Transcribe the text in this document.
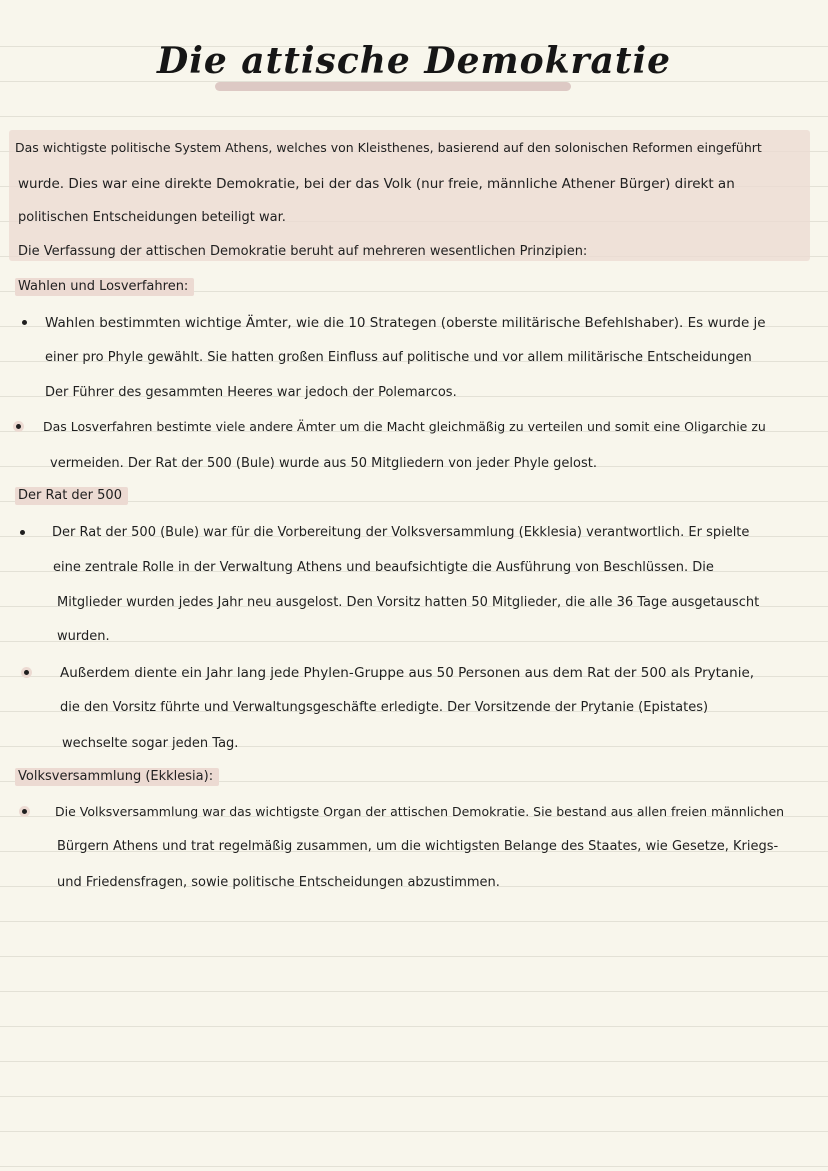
Die attische Demokratie
Das wichtigste politische System Athens, welches von Kleisthenes, basierend auf den solonischen Reformen eingeführt
wurde. Dies war eine direkte Demokratie, bei der das Volk (nur freie, männliche Athener Bürger) direkt an
politischen Entscheidungen beteiligt war.
Die Verfassung der attischen Demokratie beruht auf mehreren wesentlichen Prinzipien:
Wahlen und Losverfahren:
Wahlen bestimmten wichtige Ämter, wie die 10 Strategen (oberste militärische Befehlshaber). Es wurde je
einer pro Phyle gewählt. Sie hatten großen Einfluss auf politische und vor allem militärische Entscheidungen
Der Führer des gesammten Heeres war jedoch der Polemarcos.
Das Losverfahren bestimte viele andere Ämter um die Macht gleichmäßig zu verteilen und somit eine Oligarchie zu
vermeiden. Der Rat der 500 (Bule) wurde aus 50 Mitgliedern von jeder Phyle gelost.
Der Rat der 500
Der Rat der 500 (Bule) war für die Vorbereitung der Volksversammlung (Ekklesia) verantwortlich. Er spielte
eine zentrale Rolle in der Verwaltung Athens und beaufsichtigte die Ausführung von Beschlüssen. Die
Mitglieder wurden jedes Jahr neu ausgelost. Den Vorsitz hatten 50 Mitglieder, die alle 36 Tage ausgetauscht
wurden.
Außerdem diente ein Jahr lang jede Phylen-Gruppe aus 50 Personen aus dem Rat der 500 als Prytanie,
die den Vorsitz führte und Verwaltungsgeschäfte erledigte. Der Vorsitzende der Prytanie (Epistates)
wechselte sogar jeden Tag.
Volksversammlung (Ekklesia):
Die Volksversammlung war das wichtigste Organ der attischen Demokratie. Sie bestand aus allen freien männlichen
Bürgern Athens und trat regelmäßig zusammen, um die wichtigsten Belange des Staates, wie Gesetze, Kriegs-
und Friedensfragen, sowie politische Entscheidungen abzustimmen.
